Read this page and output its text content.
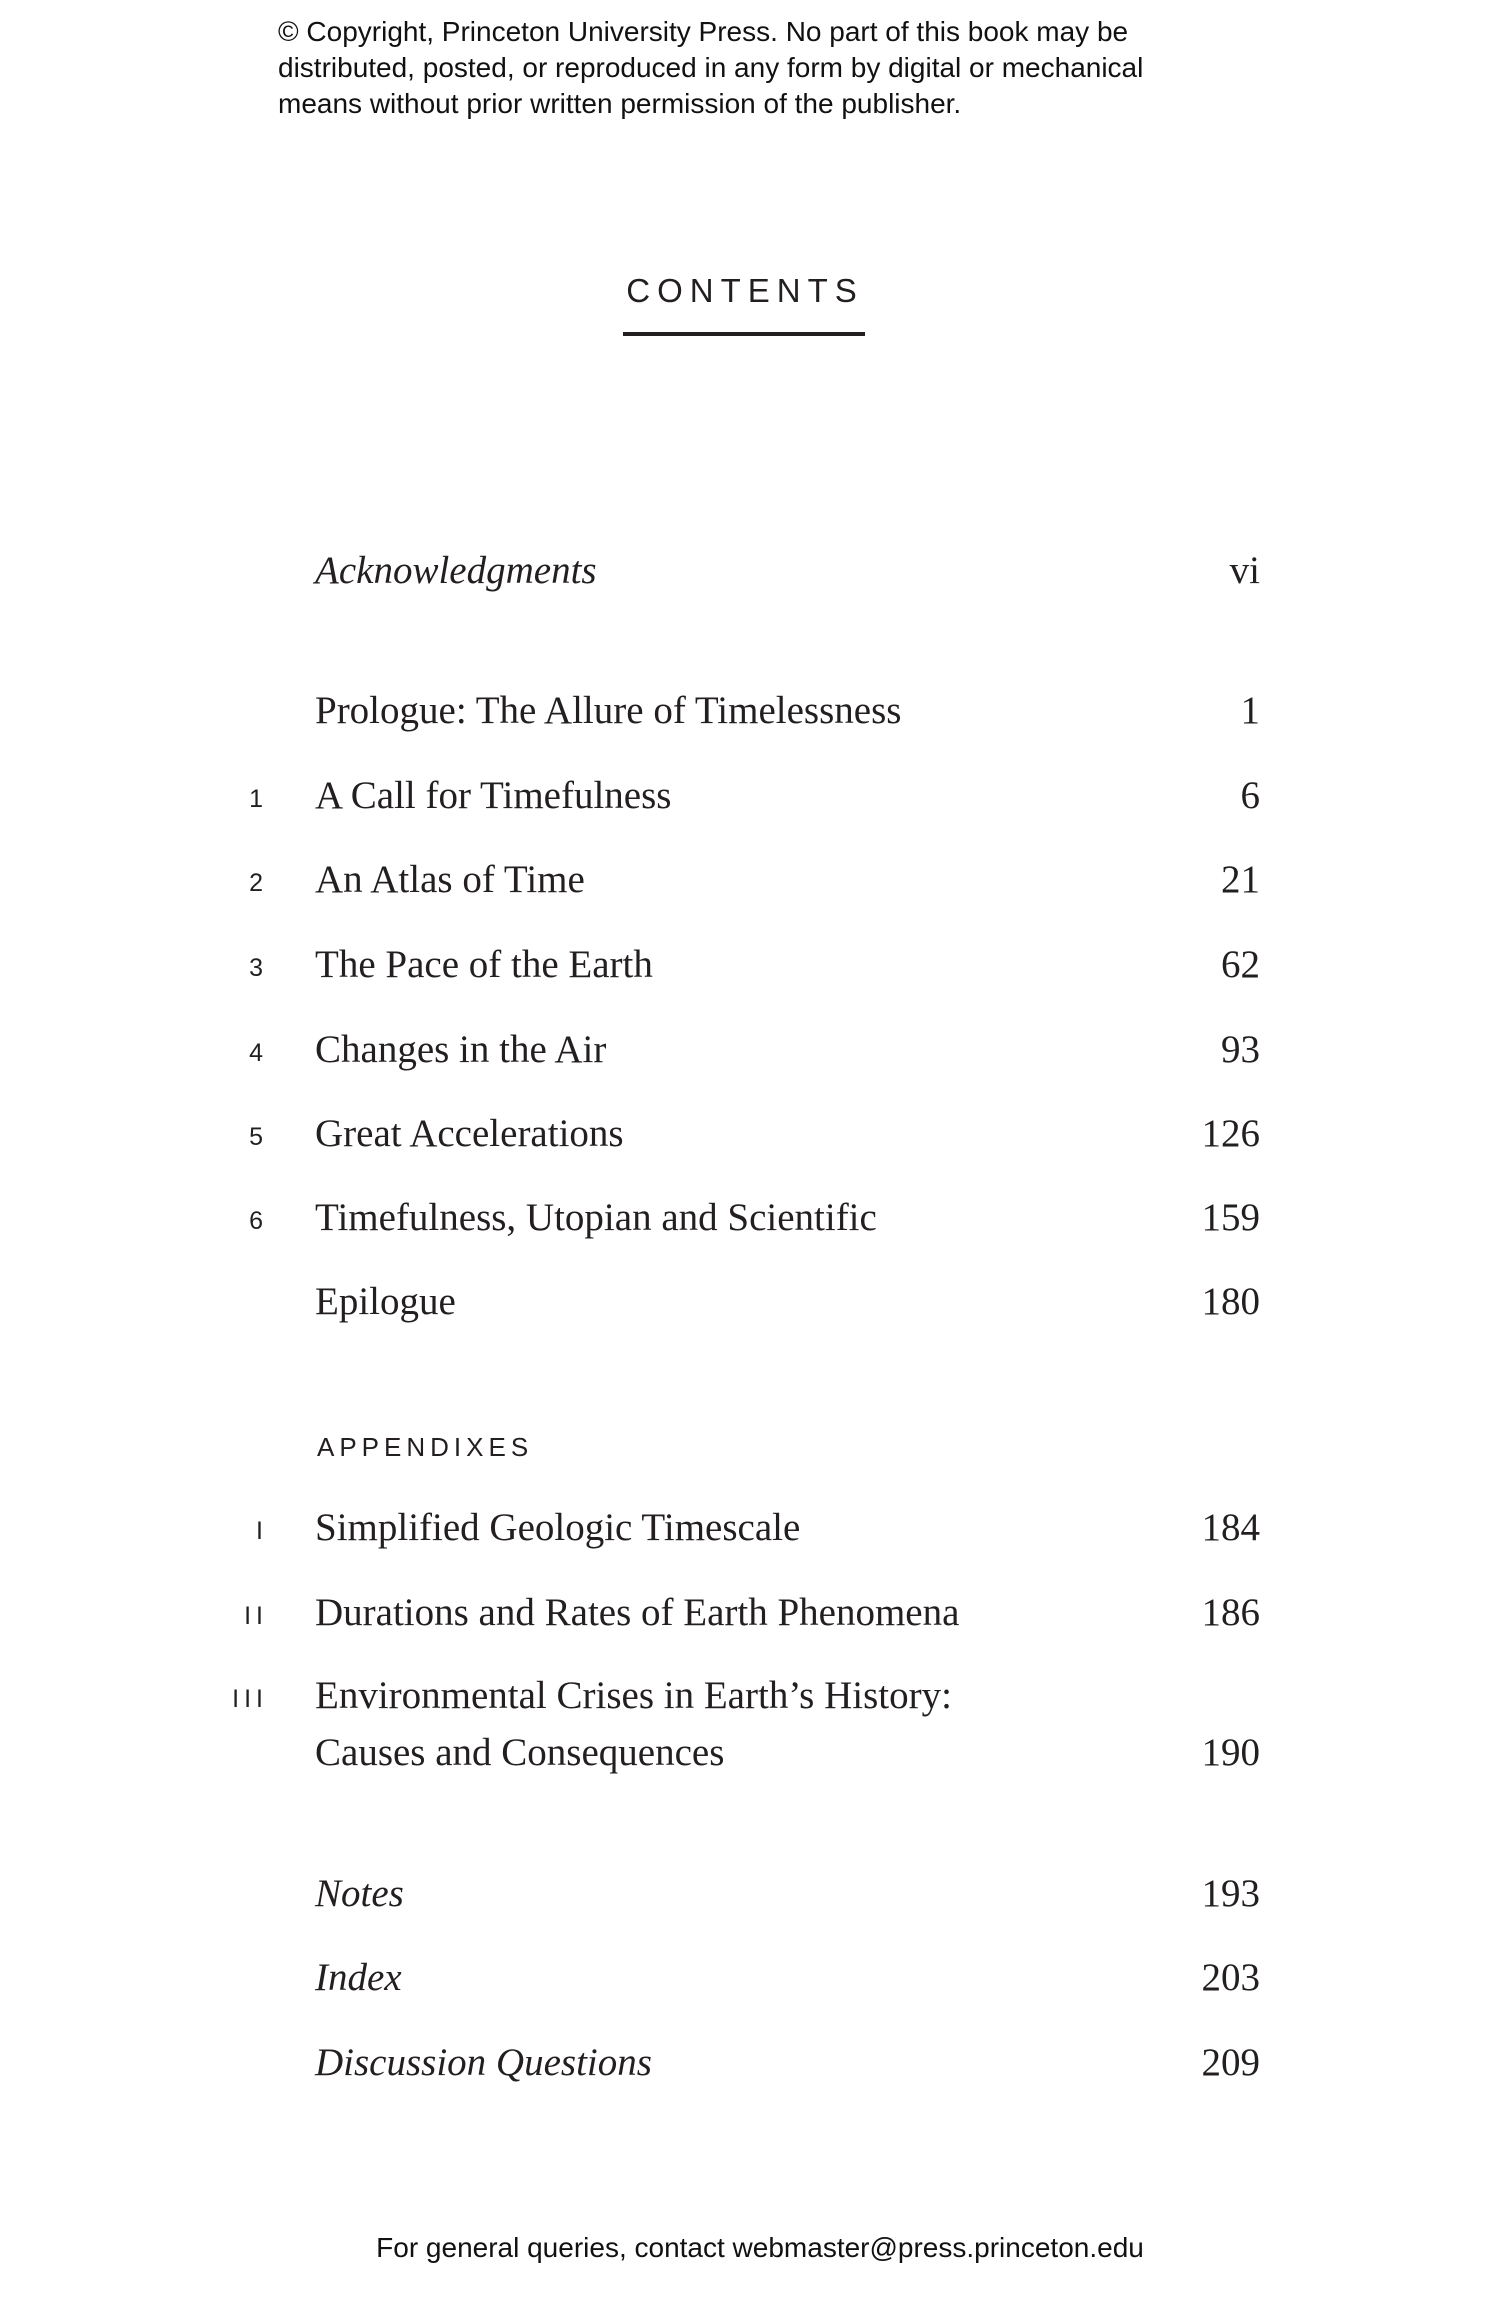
© Copyright, Princeton University Press. No part of this book may be
distributed, posted, or reproduced in any form by digital or mechanical
means without prior written permission of the publisher.
CONTENTS
Acknowledgments	vi
Prologue: The Allure of Timelessness	1
1 A Call for Timefulness	6
2 An Atlas of Time	21
3 The Pace of the Earth	62
4 Changes in the Air	93
5 Great Accelerations	126
6 Timefulness, Utopian and Scientific	159
Epilogue	180
APPENDIXES
I Simplified Geologic Timescale	184
II Durations and Rates of Earth Phenomena	186
III Environmental Crises in Earth’s History:
Causes and Consequences	190
Notes	193
Index	203
Discussion Questions	209
For general queries, contact webmaster@press.princeton.edu
